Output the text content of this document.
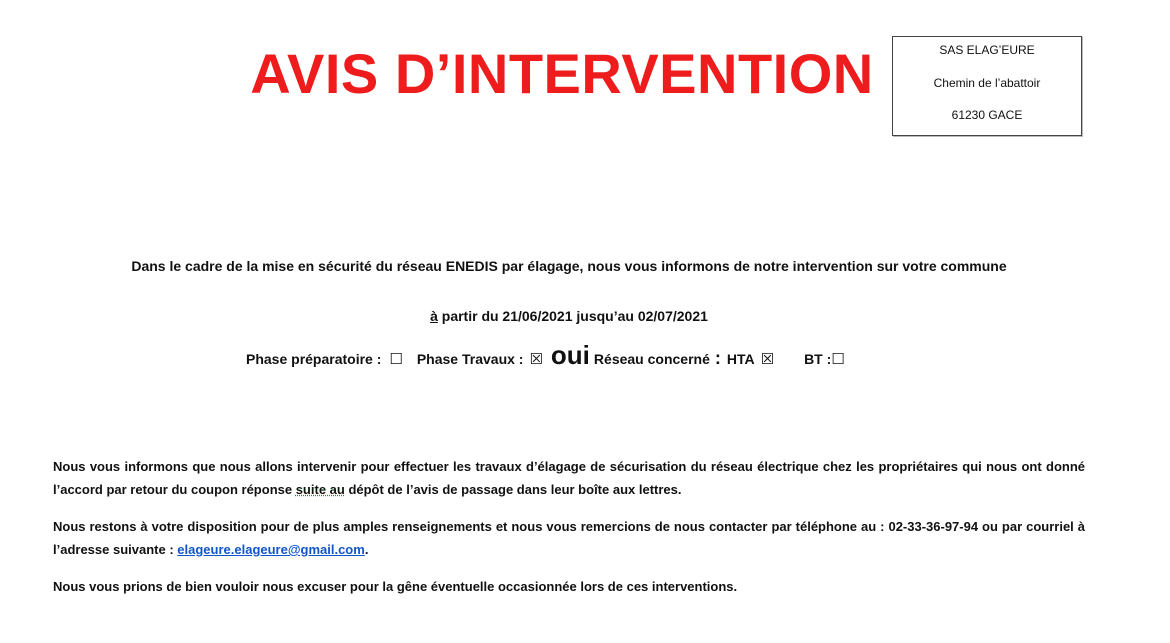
AVIS D’INTERVENTION	SAS ELAG’EURE
Chemin de l’abattoir
61230 GACE
Dans le cadre de la mise en sécurité du réseau ENEDIS par élagage, nous vous informons de notre intervention sur votre commune
à partir du 21/06/2021 jusqu’au 02/07/2021
Phase préparatoire : ☐ Phase Travaux : ☒ oui Réseau concerné : HTA ☒ BT : ☐
Nous vous informons que nous allons intervenir pour effectuer les travaux d’élagage de sécurisation du réseau électrique chez les propriétaires qui nous ont donné l’accord par retour du coupon réponse suite au dépôt de l’avis de passage dans leur boîte aux lettres.
Nous restons à votre disposition pour de plus amples renseignements et nous vous remercions de nous contacter par téléphone au : 02-33-36-97-94 ou par courriel à l’adresse suivante : elageure.elageure@gmail.com.
Nous vous prions de bien vouloir nous excuser pour la gêne éventuelle occasionnée lors de ces interventions.
